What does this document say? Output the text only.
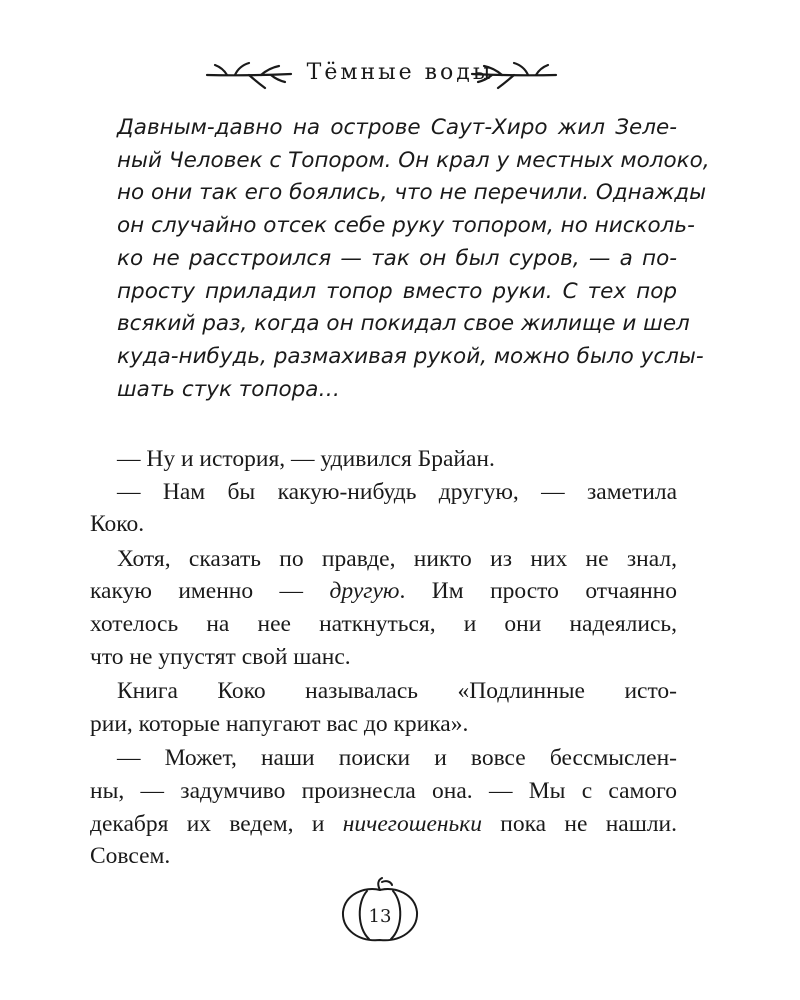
Тёмные воды
Давным-давно на острове Саут-Хиро жил Зеле-
ный Человек с Топором. Он крал у местных молоко,
но они так его боялись, что не перечили. Однажды
он случайно отсек себе руку топором, но нисколь-
ко не расстроился — так он был суров, — а по-
просту приладил топор вместо руки. С тех пор
всякий раз, когда он покидал свое жилище и шел
куда-нибудь, размахивая рукой, можно было услы-
шать стук топора…
— Ну и история, — удивился Брайан.
— Нам бы какую-нибудь другую, — заметила
Коко.
Хотя, сказать по правде, никто из них не знал,
какую именно — другую. Им просто отчаянно
хотелось на нее наткнуться, и они надеялись,
что не упустят свой шанс.
Книга Коко называлась «Подлинные исто-
рии, которые напугают вас до крика».
— Может, наши поиски и вовсе бессмыслен-
ны, — задумчиво произнесла она. — Мы с самого
декабря их ведем, и ничегошеньки пока не нашли.
Совсем.
13
